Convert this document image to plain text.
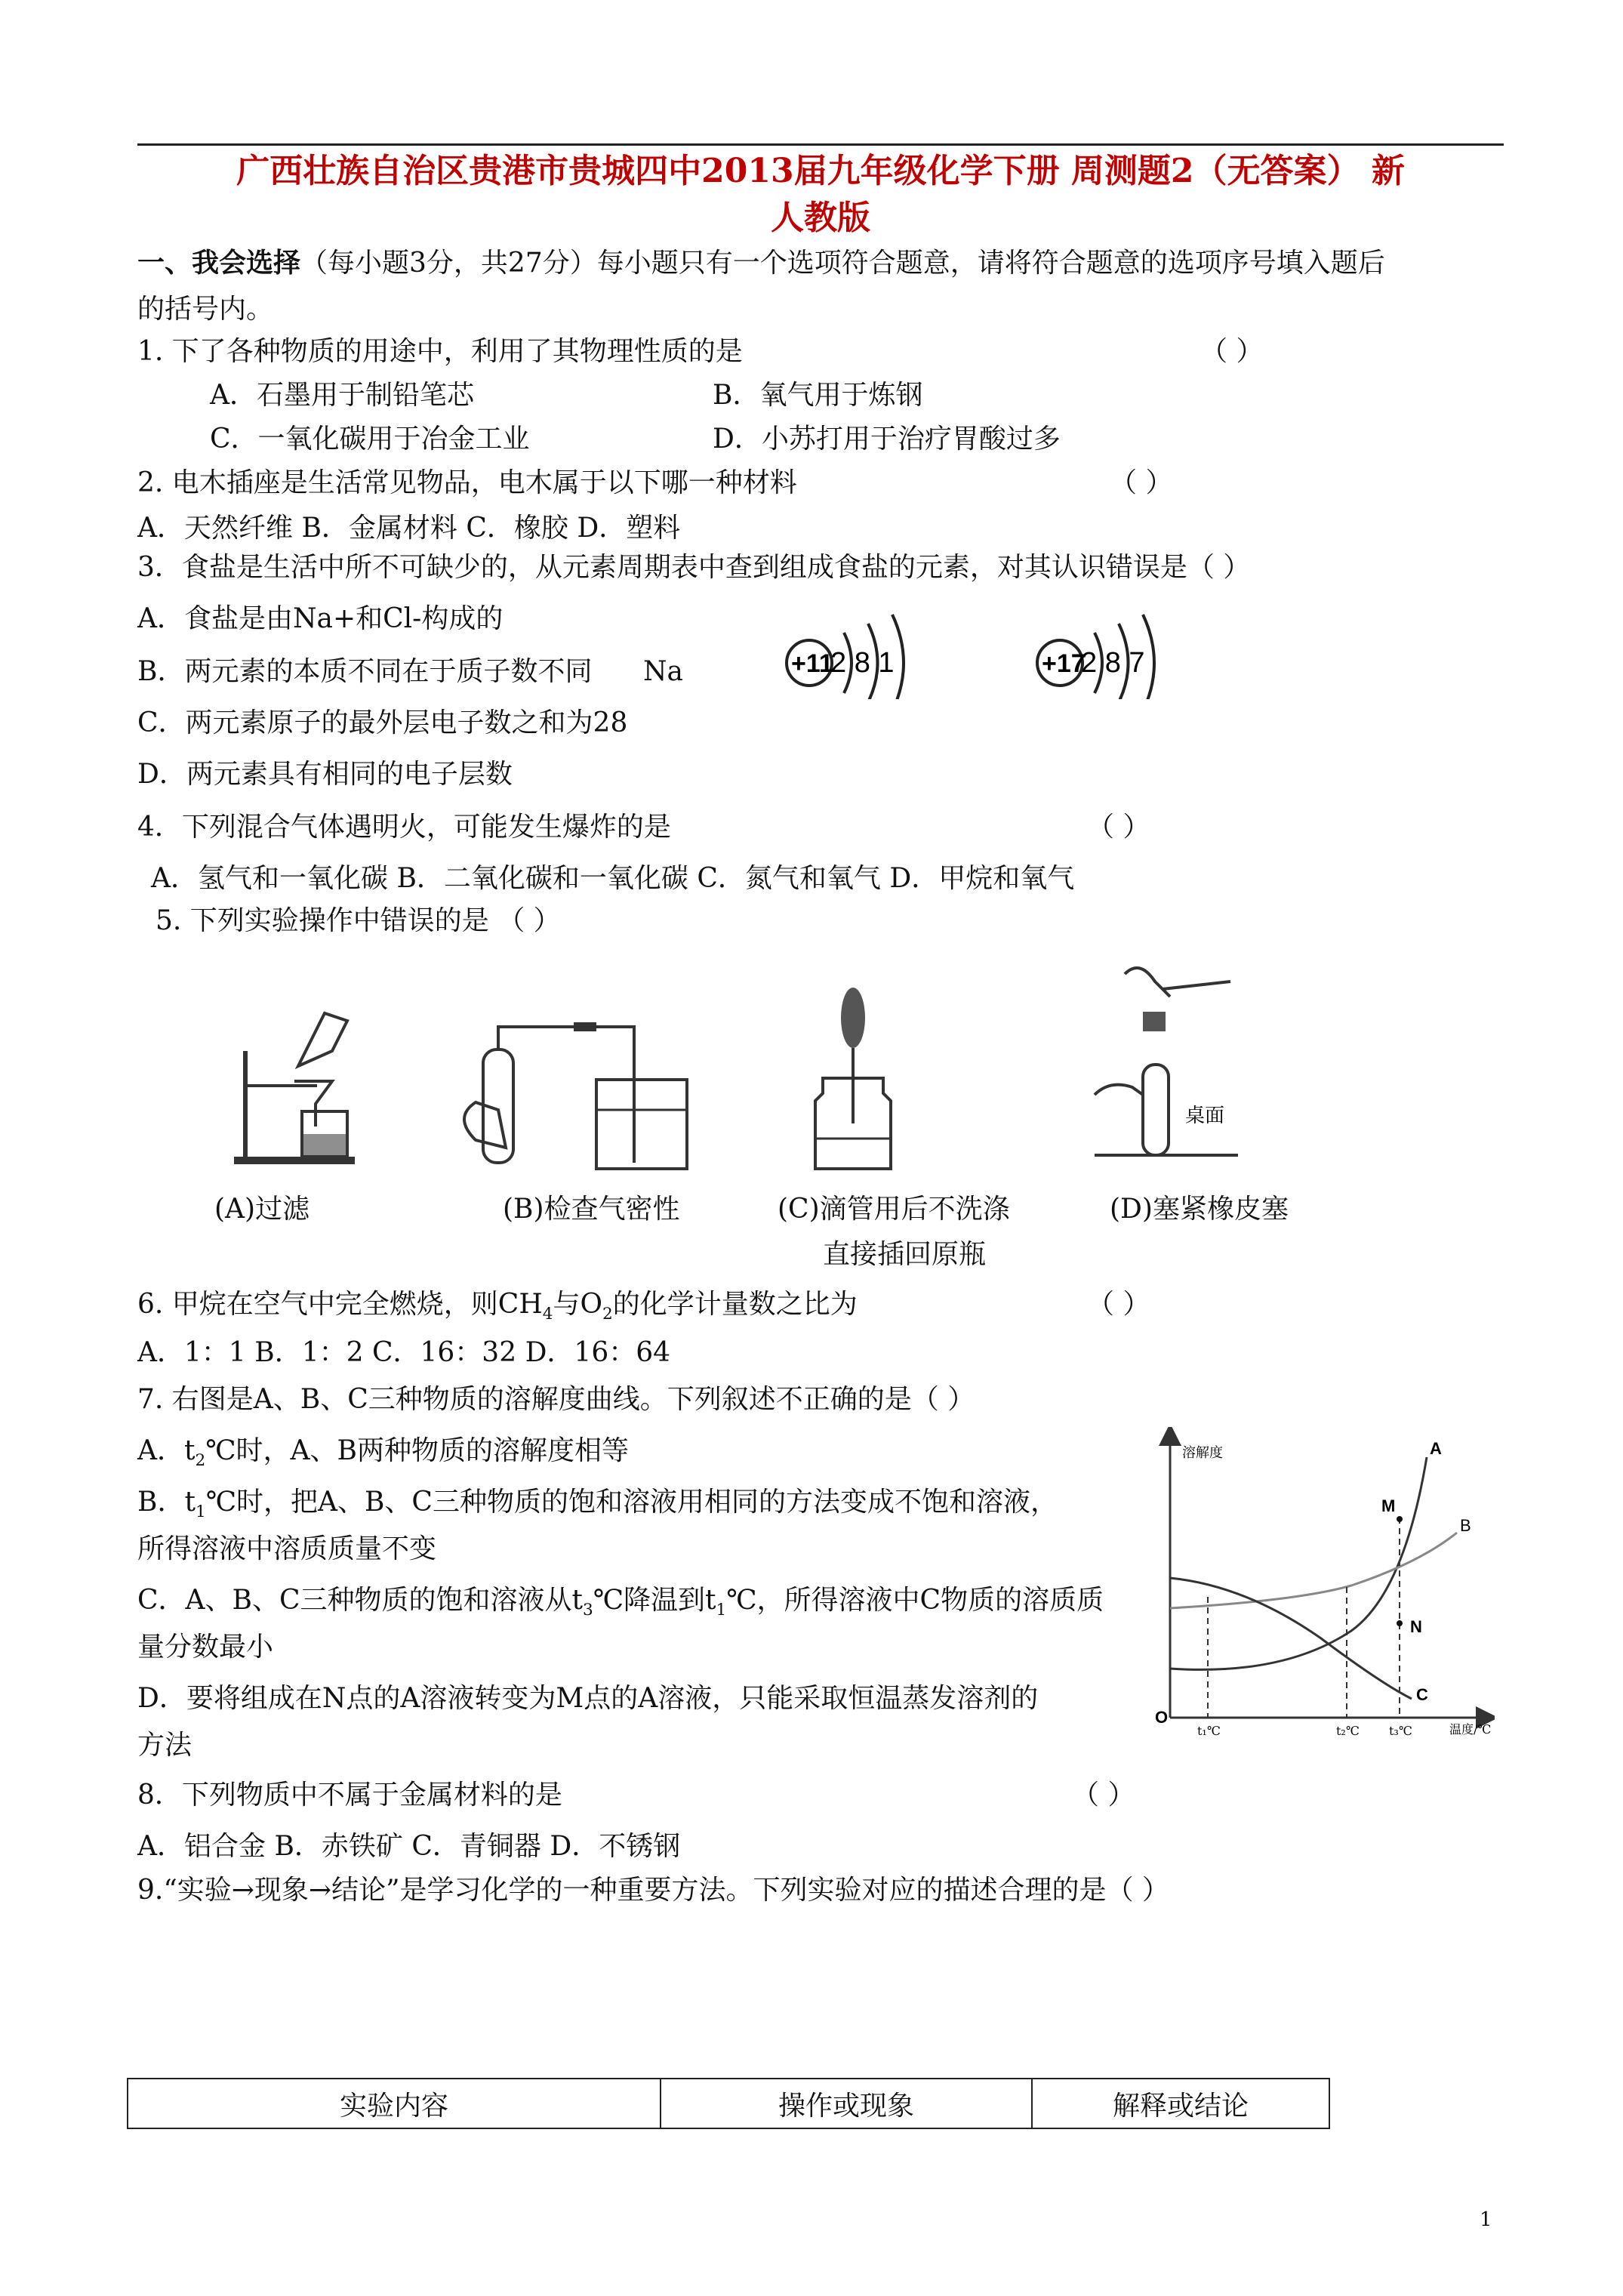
广西壮族自治区贵港市贵城四中2013届九年级化学下册 周测题2（无答案） 新
人教版
一、我会选择（每小题3分，共27分）每小题只有一个选项符合题意，请将符合题意的选项序号填入题后
的括号内。
1. 下了各种物质的用途中，利用了其物理性质的是	（ ）
A．石墨用于制铅笔芯	B．氧气用于炼钢
C．一氧化碳用于冶金工业	D．小苏打用于治疗胃酸过多
2. 电木插座是生活常见物品，电木属于以下哪一种材料	（ ）
A．天然纤维 B．金属材料 C．橡胶 D．塑料
3．食盐是生活中所不可缺少的，从元素周期表中查到组成食盐的元素，对其认识错误是（ ）
A．食盐是由Na+和Cl-构成的
B．两元素的本质不同在于质子数不同 Na
C．两元素原子的最外层电子数之和为28
D．两元素具有相同的电子层数
+11
2 8 1	+17
2 8 7
4．下列混合气体遇明火，可能发生爆炸的是	（ ）
A．氢气和一氧化碳 B．二氧化碳和一氧化碳 C．氮气和氧气 D．甲烷和氧气
5. 下列实验操作中错误的是 （ ）
桌面
(A)过滤	(B)检查气密性	(C)滴管用后不洗涤	(D)塞紧橡皮塞
直接插回原瓶
6. 甲烷在空气中完全燃烧，则$CH_4$与$O_2$的化学计量数之比为	（ ）
A．1：1 B．1：2 C．16：32 D．16：64
7. 右图是A、B、C三种物质的溶解度曲线。下列叙述不正确的是（ ）
A．$t_2℃$时，A、B两种物质的溶解度相等
B．$t_1℃$时，把A、B、C三种物质的饱和溶液用相同的方法变成不饱和溶液，
所得溶液中溶质质量不变
C．A、B、C三种物质的饱和溶液从$t_3℃$降温到$t_1℃$，所得溶液中C物质的溶质质
量分数最小
D．要将组成在N点的A溶液转变为M点的A溶液，只能采取恒温蒸发溶剂的
方法
溶解度
温度/℃
O
M
N
A
B
C
t₁℃	t₂℃ t₃℃
8．下列物质中不属于金属材料的是	（ ）
A．铝合金 B．赤铁矿 C．青铜器 D．不锈钢
9.“实验→现象→结论”是学习化学的一种重要方法。下列实验对应的描述合理的是（ ）
实验内容	操作或现象	解释或结论
1
